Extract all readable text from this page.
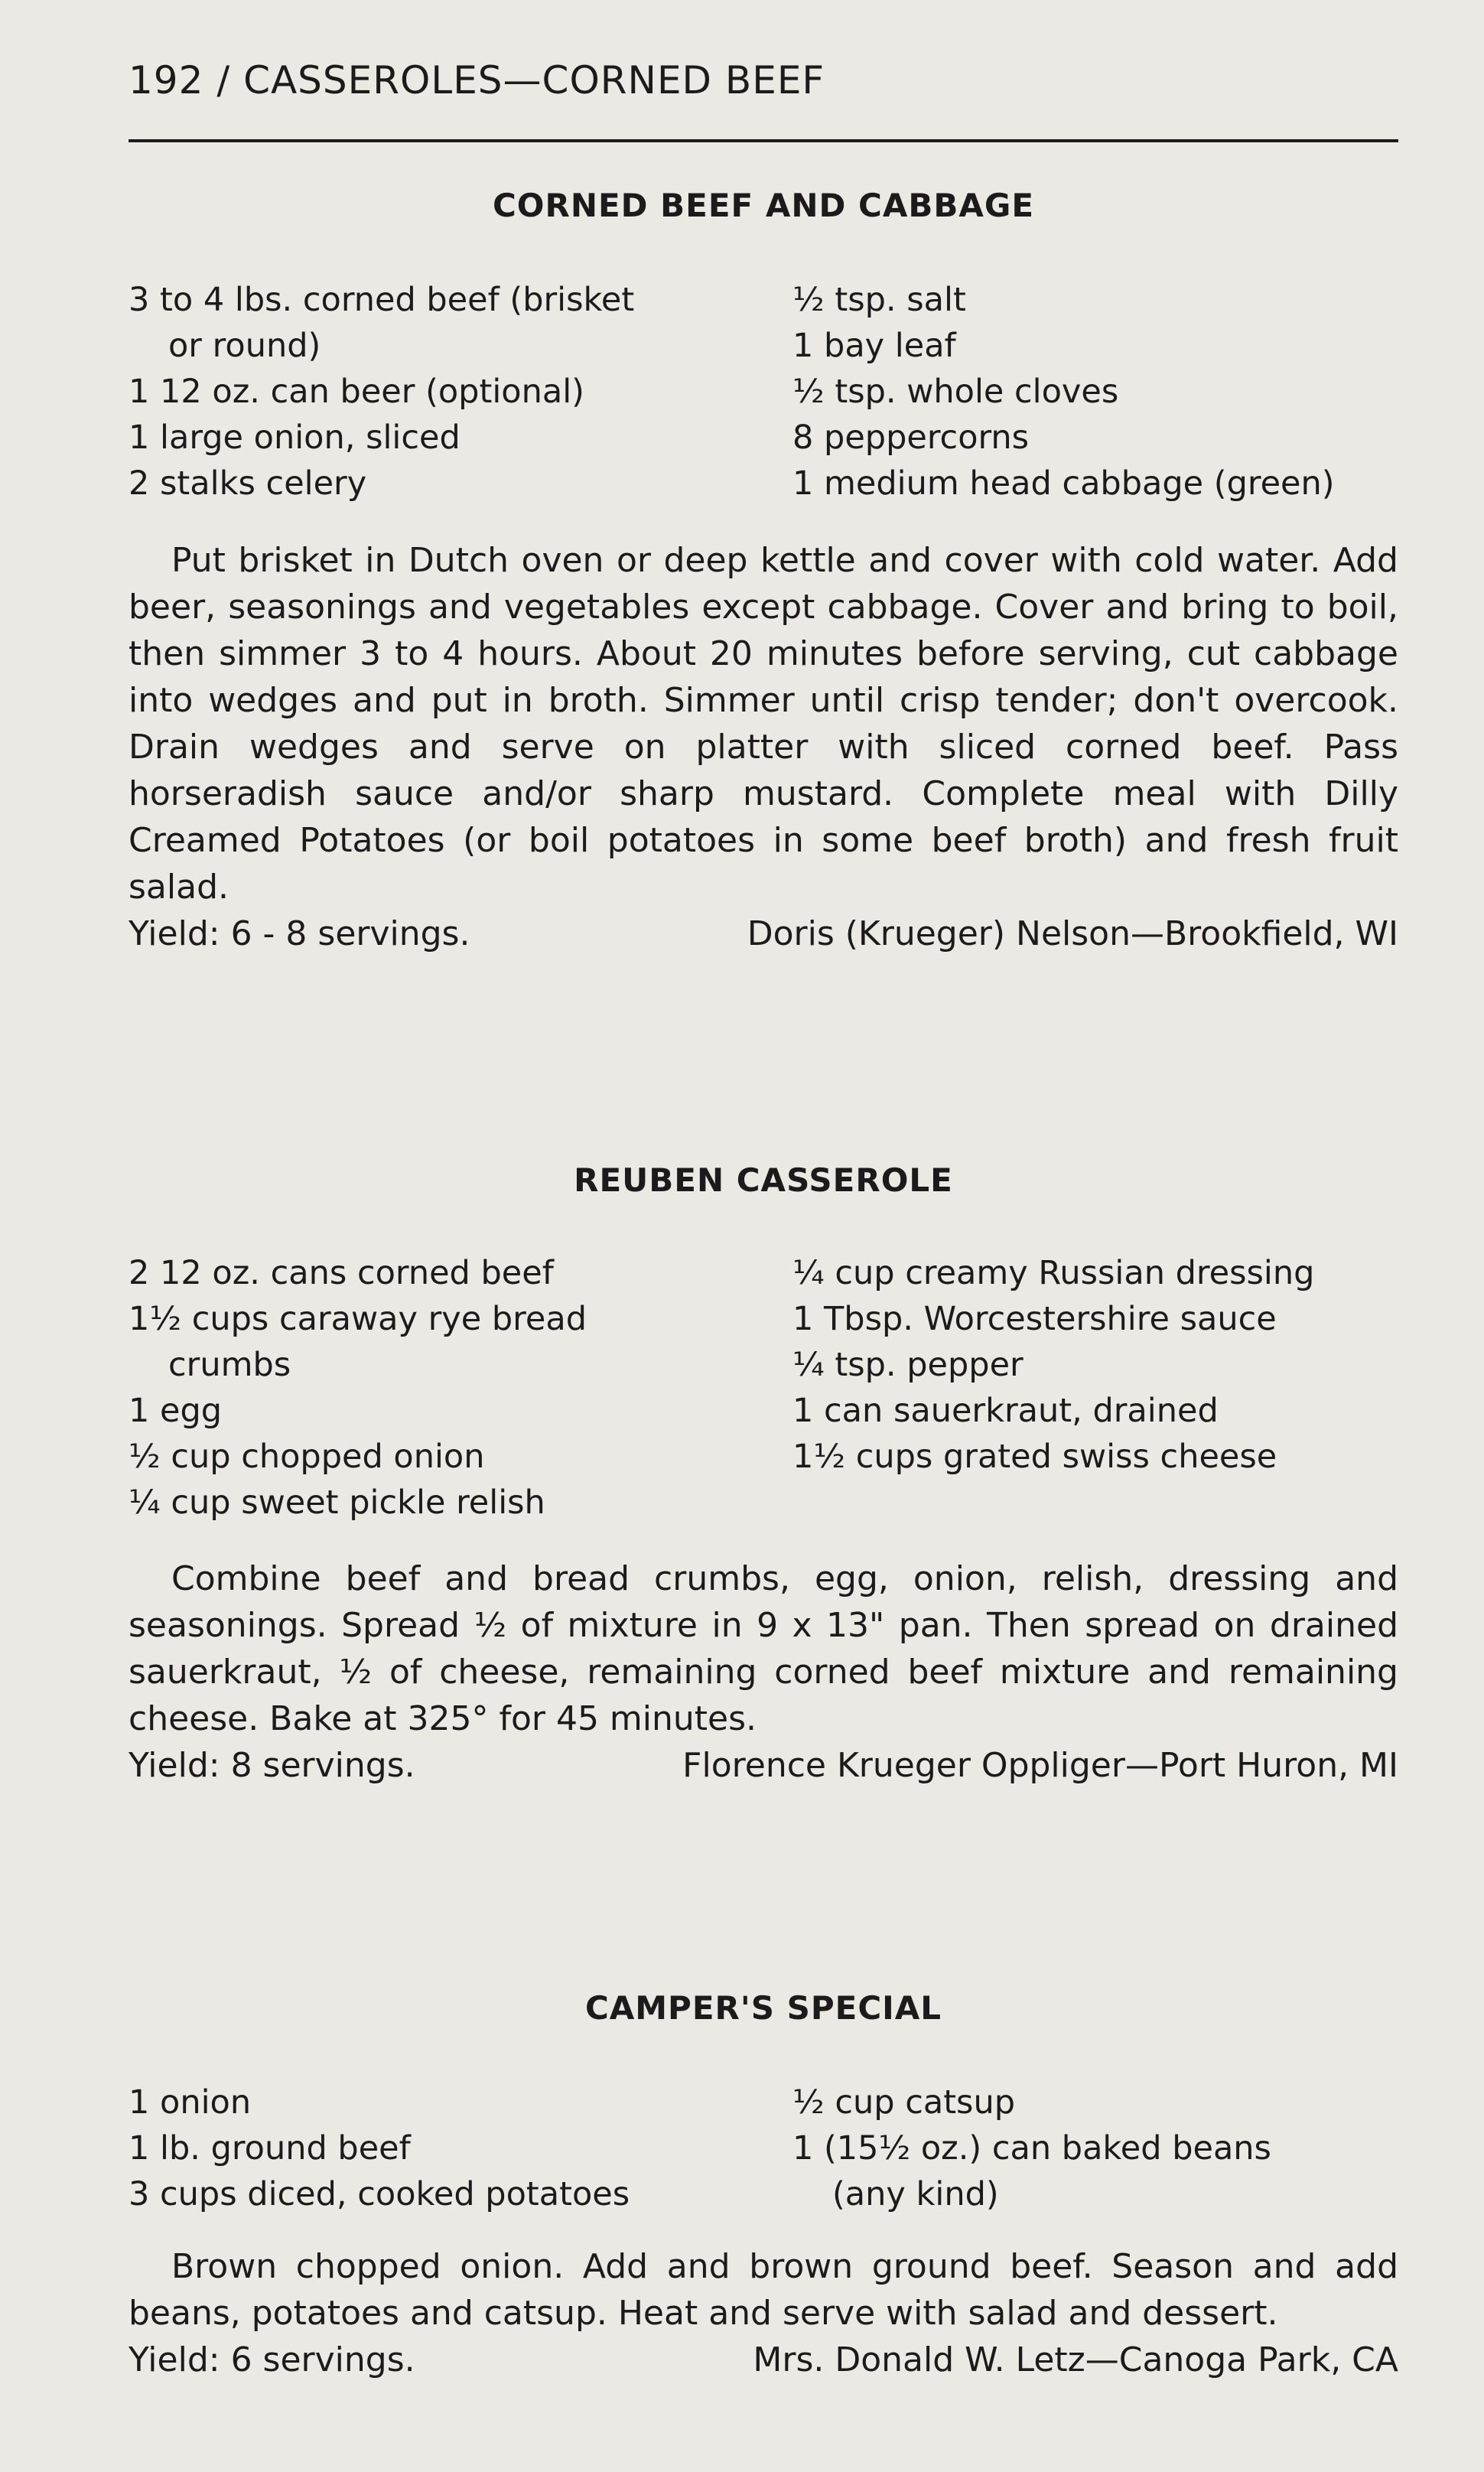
192 / CASSEROLES—CORNED BEEF
CORNED BEEF AND CABBAGE
3 to 4 lbs. corned beef (brisket
or round)
1 12 oz. can beer (optional)
1 large onion, sliced
2 stalks celery
½ tsp. salt
1 bay leaf
½ tsp. whole cloves
8 peppercorns
1 medium head cabbage (green)
Put brisket in Dutch oven or deep kettle and cover with cold water. Add beer, seasonings and vegetables except cabbage. Cover and bring to boil, then simmer 3 to 4 hours. About 20 minutes before serving, cut cabbage into wedges and put in broth. Simmer until crisp tender; don't overcook. Drain wedges and serve on platter with sliced corned beef. Pass horseradish sauce and/or sharp mustard. Complete meal with Dilly Creamed Potatoes (or boil potatoes in some beef broth) and fresh fruit salad.
Yield: 6 - 8 servings.	Doris (Krueger) Nelson—Brookfield, WI
REUBEN CASSEROLE
2 12 oz. cans corned beef
1½ cups caraway rye bread
crumbs
1 egg
½ cup chopped onion
¼ cup sweet pickle relish
¼ cup creamy Russian dressing
1 Tbsp. Worcestershire sauce
¼ tsp. pepper
1 can sauerkraut, drained
1½ cups grated swiss cheese
Combine beef and bread crumbs, egg, onion, relish, dressing and seasonings. Spread ½ of mixture in 9 x 13" pan. Then spread on drained sauerkraut, ½ of cheese, remaining corned beef mixture and remaining cheese. Bake at 325° for 45 minutes.
Yield: 8 servings.	Florence Krueger Oppliger—Port Huron, MI
CAMPER'S SPECIAL
1 onion
1 lb. ground beef
3 cups diced, cooked potatoes
½ cup catsup
1 (15½ oz.) can baked beans
(any kind)
Brown chopped onion. Add and brown ground beef. Season and add beans, potatoes and catsup. Heat and serve with salad and dessert.
Yield: 6 servings.	Mrs. Donald W. Letz—Canoga Park, CA
